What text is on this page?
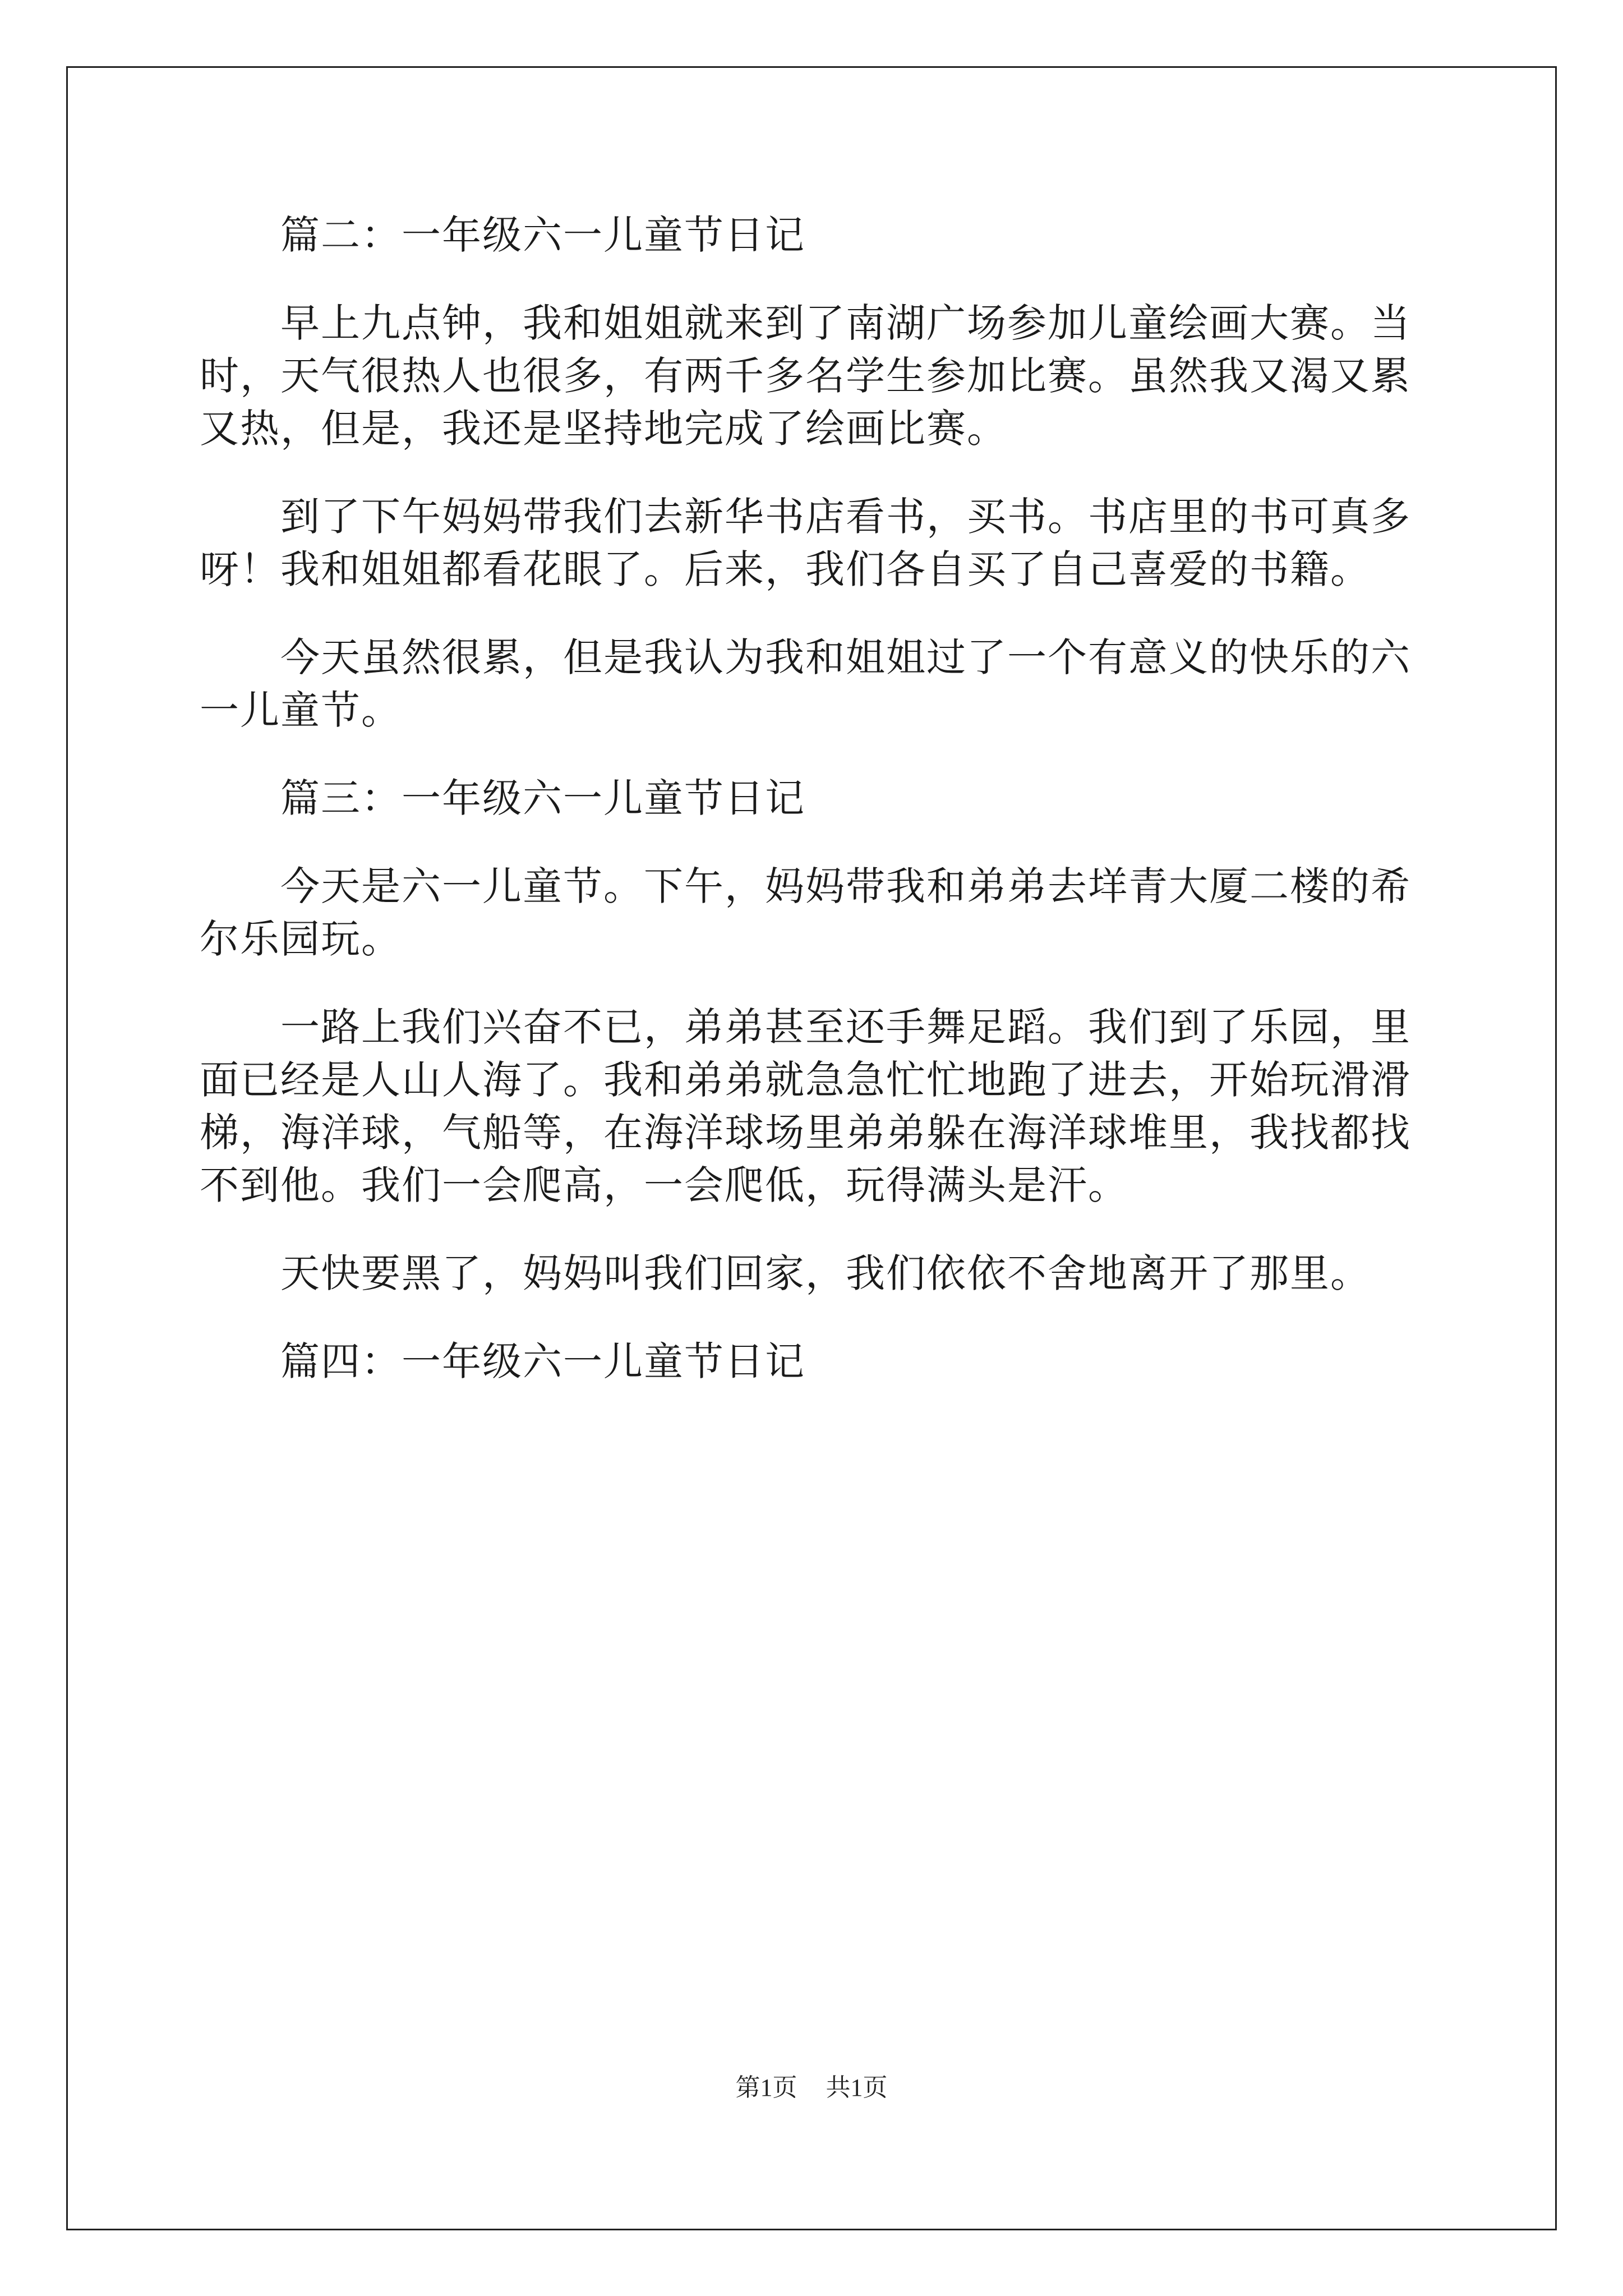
篇二：一年级六一儿童节日记
早上九点钟，我和姐姐就来到了南湖广场参加儿童绘画大赛。当
时，天气很热人也很多，有两千多名学生参加比赛。虽然我又渴又累
又热，但是，我还是坚持地完成了绘画比赛。
到了下午妈妈带我们去新华书店看书，买书。书店里的书可真多
呀！我和姐姐都看花眼了。后来，我们各自买了自己喜爱的书籍。
今天虽然很累，但是我认为我和姐姐过了一个有意义的快乐的六
一儿童节。
篇三：一年级六一儿童节日记
今天是六一儿童节。下午，妈妈带我和弟弟去垟青大厦二楼的希
尔乐园玩。
一路上我们兴奋不已，弟弟甚至还手舞足蹈。我们到了乐园，里
面已经是人山人海了。我和弟弟就急急忙忙地跑了进去，开始玩滑滑
梯，海洋球，气船等，在海洋球场里弟弟躲在海洋球堆里，我找都找
不到他。我们一会爬高，一会爬低，玩得满头是汗。
天快要黑了，妈妈叫我们回家，我们依依不舍地离开了那里。
篇四：一年级六一儿童节日记
第1页 共1页
